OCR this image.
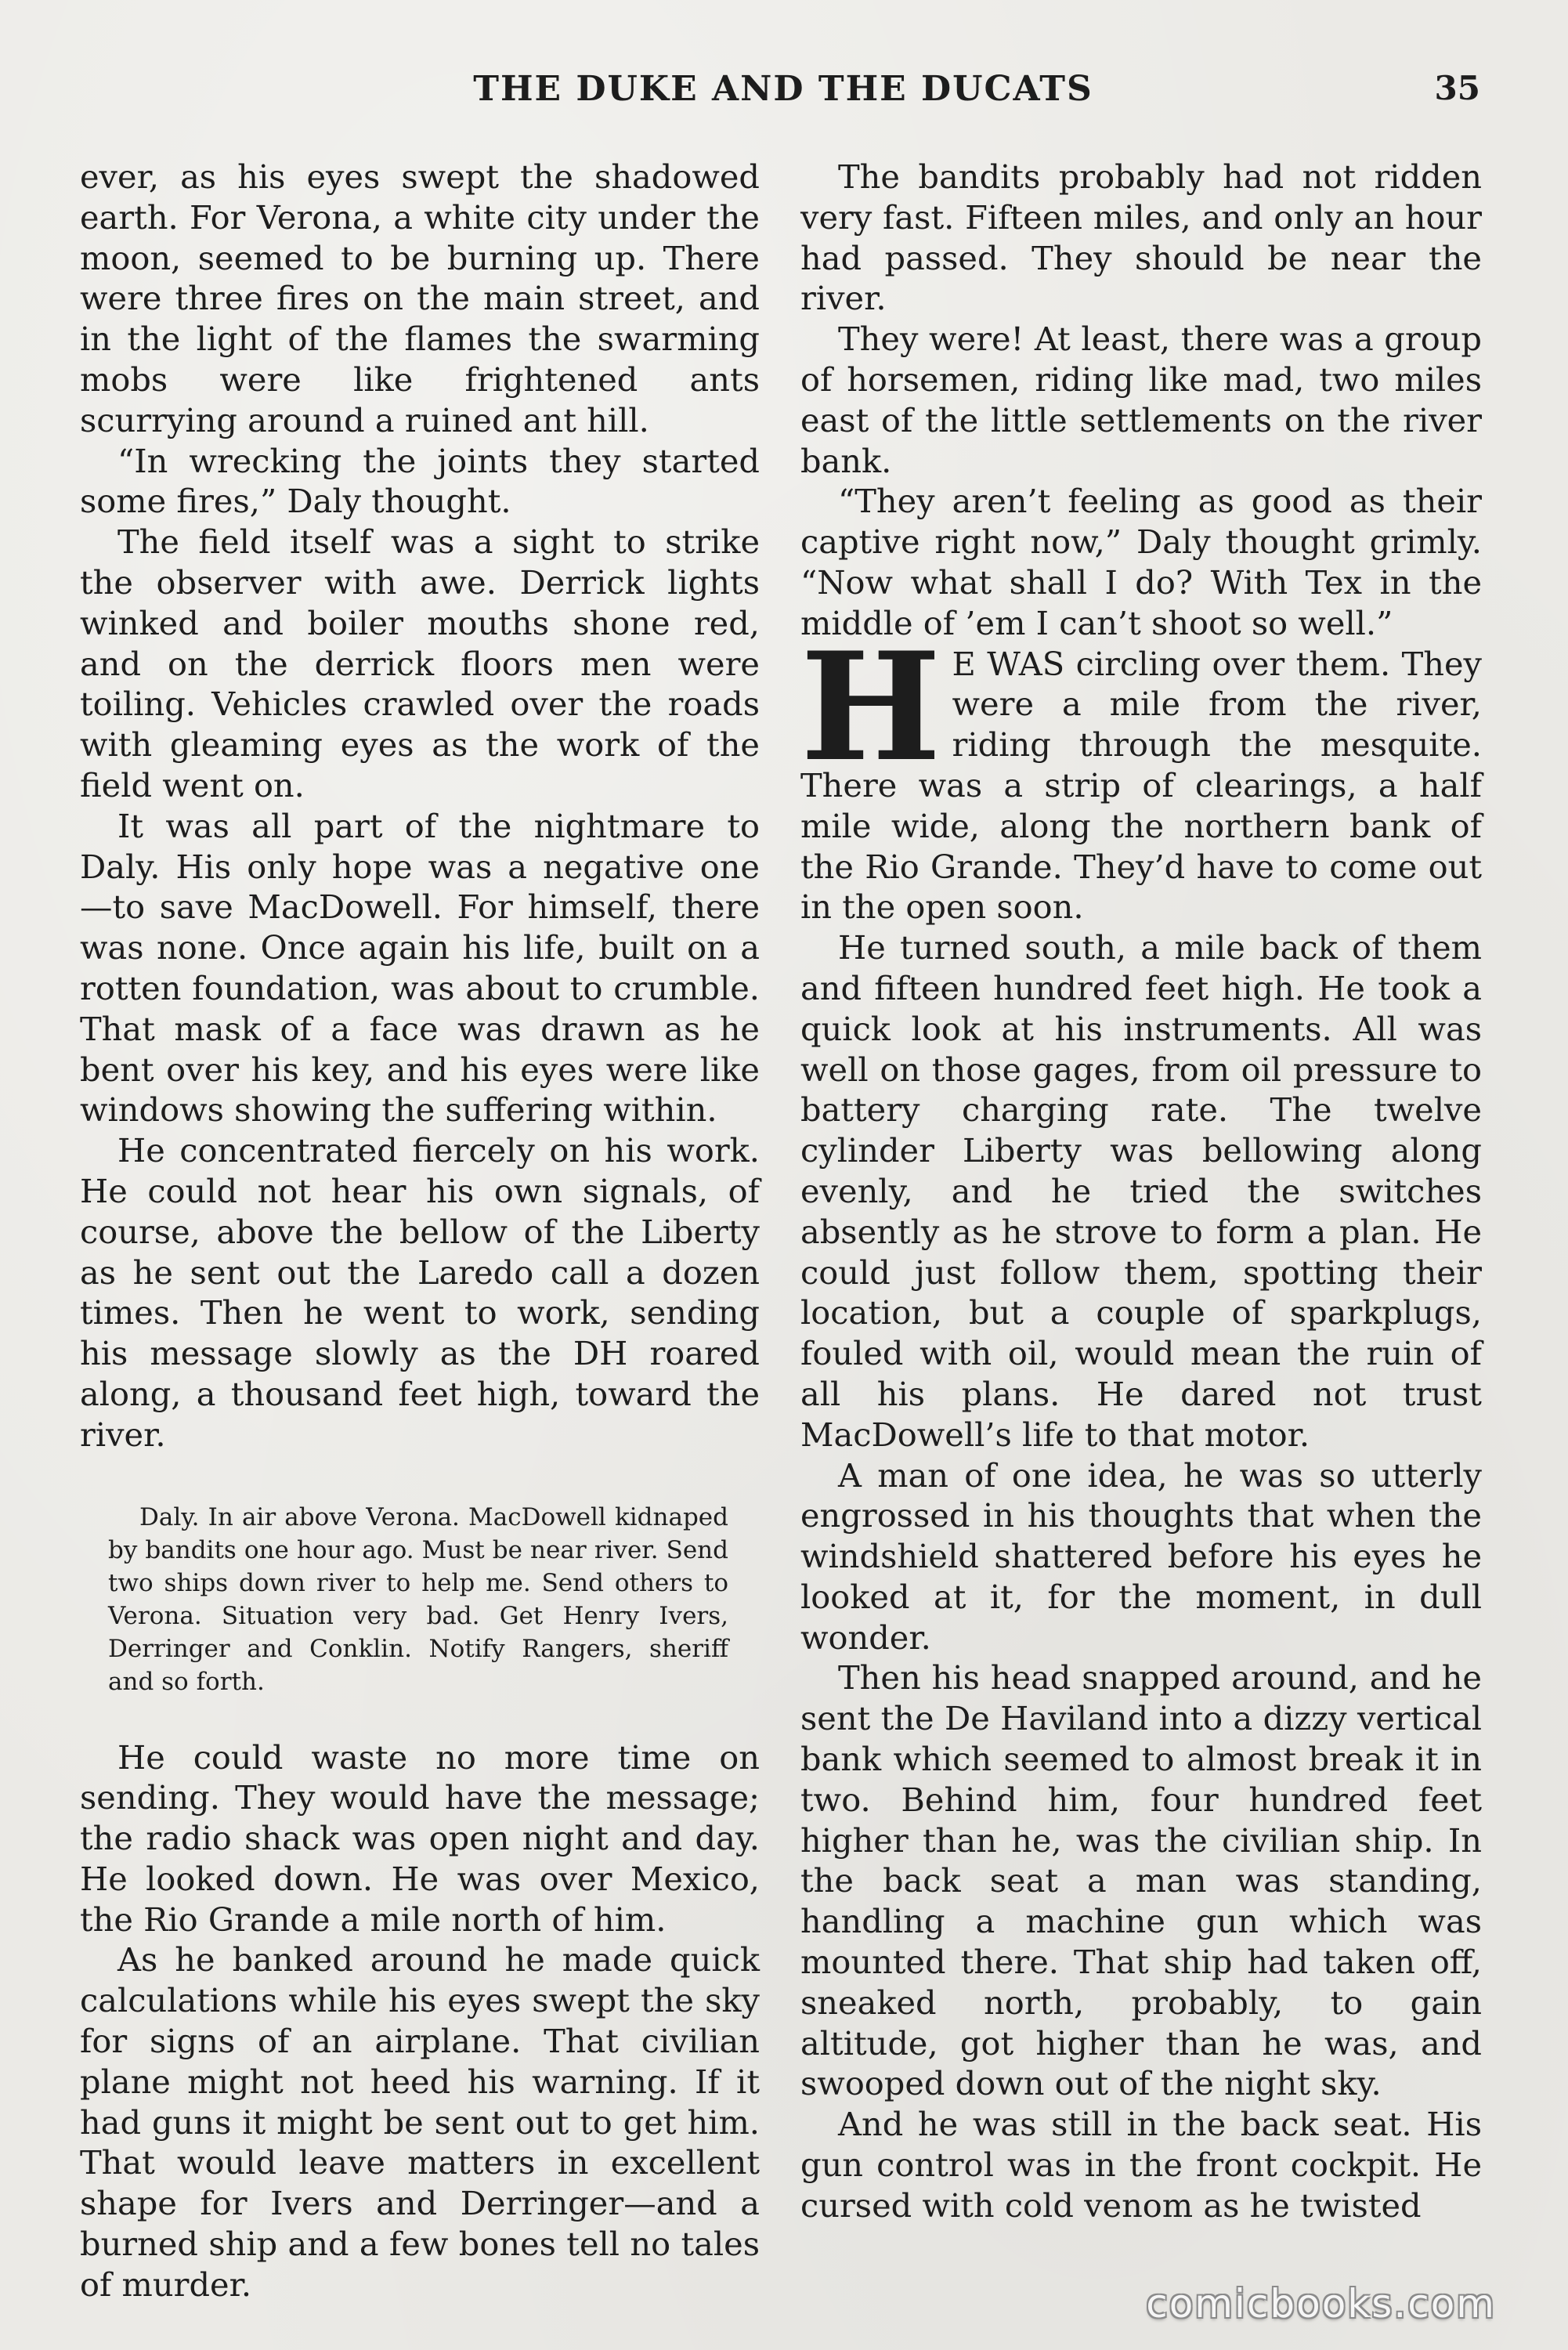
THE DUKE AND THE DUCATS	35

ever, as his eyes swept the shadowed earth. For Verona, a white city under the moon, seemed to be burning up. There were three fires on the main street, and in the light of the flames the swarming mobs were like frightened ants scurrying around a ruined ant hill.

“In wrecking the joints they started some fires,” Daly thought.

The field itself was a sight to strike the observer with awe. Derrick lights winked and boiler mouths shone red, and on the derrick floors men were toiling. Vehicles crawled over the roads with gleaming eyes as the work of the field went on.

It was all part of the nightmare to Daly. His only hope was a negative one —to save MacDowell. For himself, there was none. Once again his life, built on a rotten foundation, was about to crumble. That mask of a face was drawn as he bent over his key, and his eyes were like windows showing the suffering within.

He concentrated fiercely on his work. He could not hear his own signals, of course, above the bellow of the Liberty as he sent out the Laredo call a dozen times. Then he went to work, sending his message slowly as the DH roared along, a thousand feet high, toward the river.

Daly. In air above Verona. MacDowell kidnaped by bandits one hour ago. Must be near river. Send two ships down river to help me. Send others to Verona. Situation very bad. Get Henry Ivers, Derringer and Conklin. Notify Rangers, sheriff and so forth.

He could waste no more time on sending. They would have the message; the radio shack was open night and day. He looked down. He was over Mexico, the Rio Grande a mile north of him.

As he banked around he made quick calculations while his eyes swept the sky for signs of an airplane. That civilian plane might not heed his warning. If it had guns it might be sent out to get him. That would leave matters in excellent shape for Ivers and Derringer—and a burned ship and a few bones tell no tales of murder.

The bandits probably had not ridden very fast. Fifteen miles, and only an hour had passed. They should be near the river.

They were! At least, there was a group of horsemen, riding like mad, two miles east of the little settlements on the river bank.

“They aren’t feeling as good as their captive right now,” Daly thought grimly. “Now what shall I do? With Tex in the middle of ’em I can’t shoot so well.”

H E WAS circling over them. They were a mile from the river, riding through the mesquite. There was a strip of clearings, a half mile wide, along the northern bank of the Rio Grande. They’d have to come out in the open soon.

He turned south, a mile back of them and fifteen hundred feet high. He took a quick look at his instruments. All was well on those gages, from oil pressure to battery charging rate. The twelve cylinder Liberty was bellowing along evenly, and he tried the switches absently as he strove to form a plan. He could just follow them, spotting their location, but a couple of sparkplugs, fouled with oil, would mean the ruin of all his plans. He dared not trust MacDowell’s life to that motor.

A man of one idea, he was so utterly engrossed in his thoughts that when the windshield shattered before his eyes he looked at it, for the moment, in dull wonder.

Then his head snapped around, and he sent the De Haviland into a dizzy vertical bank which seemed to almost break it in two. Behind him, four hundred feet higher than he, was the civilian ship. In the back seat a man was standing, handling a machine gun which was mounted there. That ship had taken off, sneaked north, probably, to gain altitude, got higher than he was, and swooped down out of the night sky.

And he was still in the back seat. His gun control was in the front cockpit. He cursed with cold venom as he twisted

comicbooks.com
